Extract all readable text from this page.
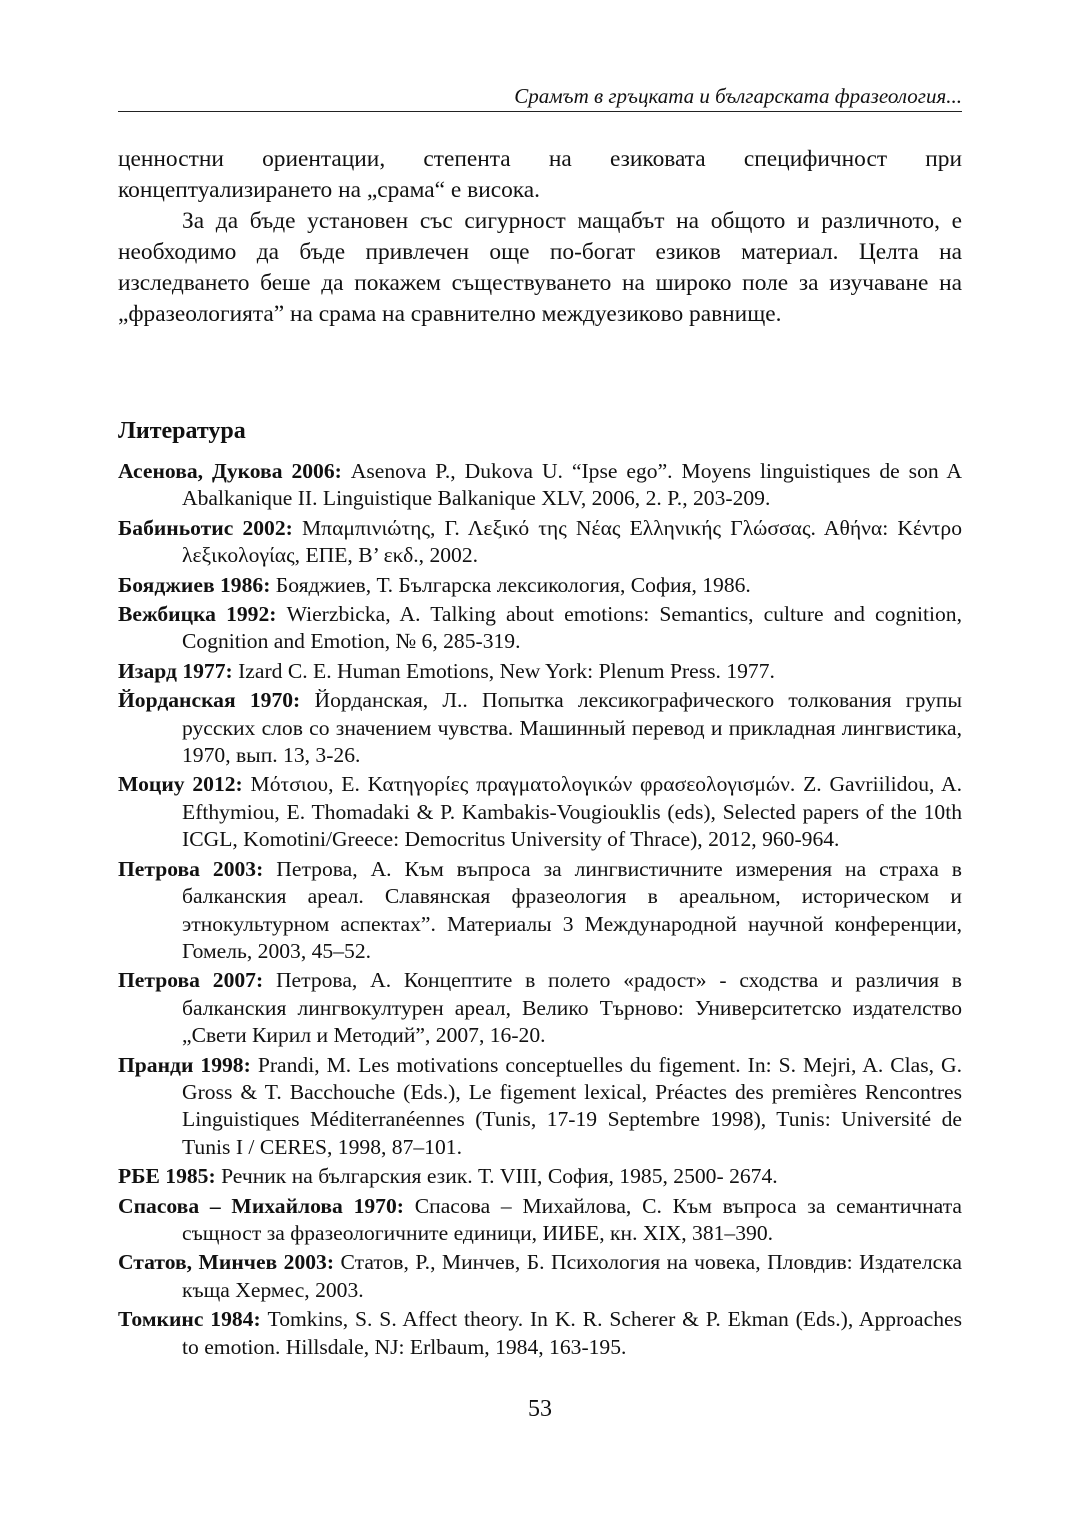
Срамът в гръцката и българската фразеология...

ценностни ориентации, степента на езиковата специфичност при концептуализирането на „срама“ е висока.

За да бъде установен със сигурност мащабът на общото и различното, е необходимо да бъде привлечен още по-богат езиков материал. Целта на изследването беше да покажем съществуването на широко поле за изучаване на „фразеологията” на срама на сравнително междуезиково равнище.

Литература
Асенова, Дукова 2006: Asenova P., Dukova U. “Ipse ego”. Moyens linguistiques de son A Abalkanique II. Linguistique Balkanique XLV, 2006, 2. P., 203-209.
Бабиньотис 2002: Μπαμπινιώτης, Γ. Λεξικό της Νέας Ελληνικής Γλώσσας. Αθήνα: Κέντρο λεξικολογίας, ΕΠΕ, Β’ εκδ., 2002.
Бояджиев 1986: Бояджиев, Т. Българска лексикология, София, 1986.
Вежбицка 1992: Wierzbicka, A. Talking about emotions: Semantics, culture and cognition, Cognition and Emotion, № 6, 285-319.
Изард 1977: Izard C. E. Human Emotions, New York: Plenum Press. 1977.
Йорданская 1970: Йорданская, Л.. Попытка лексикографического толкования групы русских слов со значением чувства. Машинный перевод и прикладная лингвистика, 1970, вып. 13, 3-26.
Моциу 2012: Μότσιου, Ε. Κατηγορίες πραγματολογικών φρασεολογισμών. Z. Gavriilidou, A. Efthymiou, E. Thomadaki & P. Kambakis-Vougiouklis (eds), Selected papers of the 10th ICGL, Komotini/Greece: Democritus University of Thrace), 2012, 960-964.
Петрова 2003: Петрова, А. Към въпроса за лингвистичните измерения на страха в балканския ареал. Славянская фразеология в ареальном, историческом и этнокультурном аспектах”. Материалы 3 Международной научной конференции, Гомель, 2003, 45–52.
Петрова 2007: Петрова, А. Концептите в полето «радост» - сходства и различия в балканския лингвокултурен ареал, Велико Търново: Университетско издателство „Свети Кирил и Методий”, 2007, 16-20.
Пранди 1998: Prandi, M. Les motivations conceptuelles du figement. In: S. Mejri, A. Clas, G. Gross & T. Bacchouche (Eds.), Le figement lexical, Préactes des premières Rencontres Linguistiques Méditerranéennes (Tunis, 17-19 Septembre 1998), Tunis: Université de Tunis I / CERES, 1998, 87–101.
РБЕ 1985: Речник на българския език. Т. VIII, София, 1985, 2500- 2674.
Спасова – Михайлова 1970: Спасова – Михайлова, С. Към въпроса за семантичната същност за фразеологичните единици, ИИБЕ, кн. XIX, 381–390.
Статов, Минчев 2003: Статов, Р., Минчев, Б. Психология на човека, Пловдив: Издателска къща Хермес, 2003.
Томкинс 1984: Tomkins, S. S. Affect theory. In K. R. Scherer & P. Ekman (Eds.), Approaches to emotion. Hillsdale, NJ: Erlbaum, 1984, 163-195.
53
